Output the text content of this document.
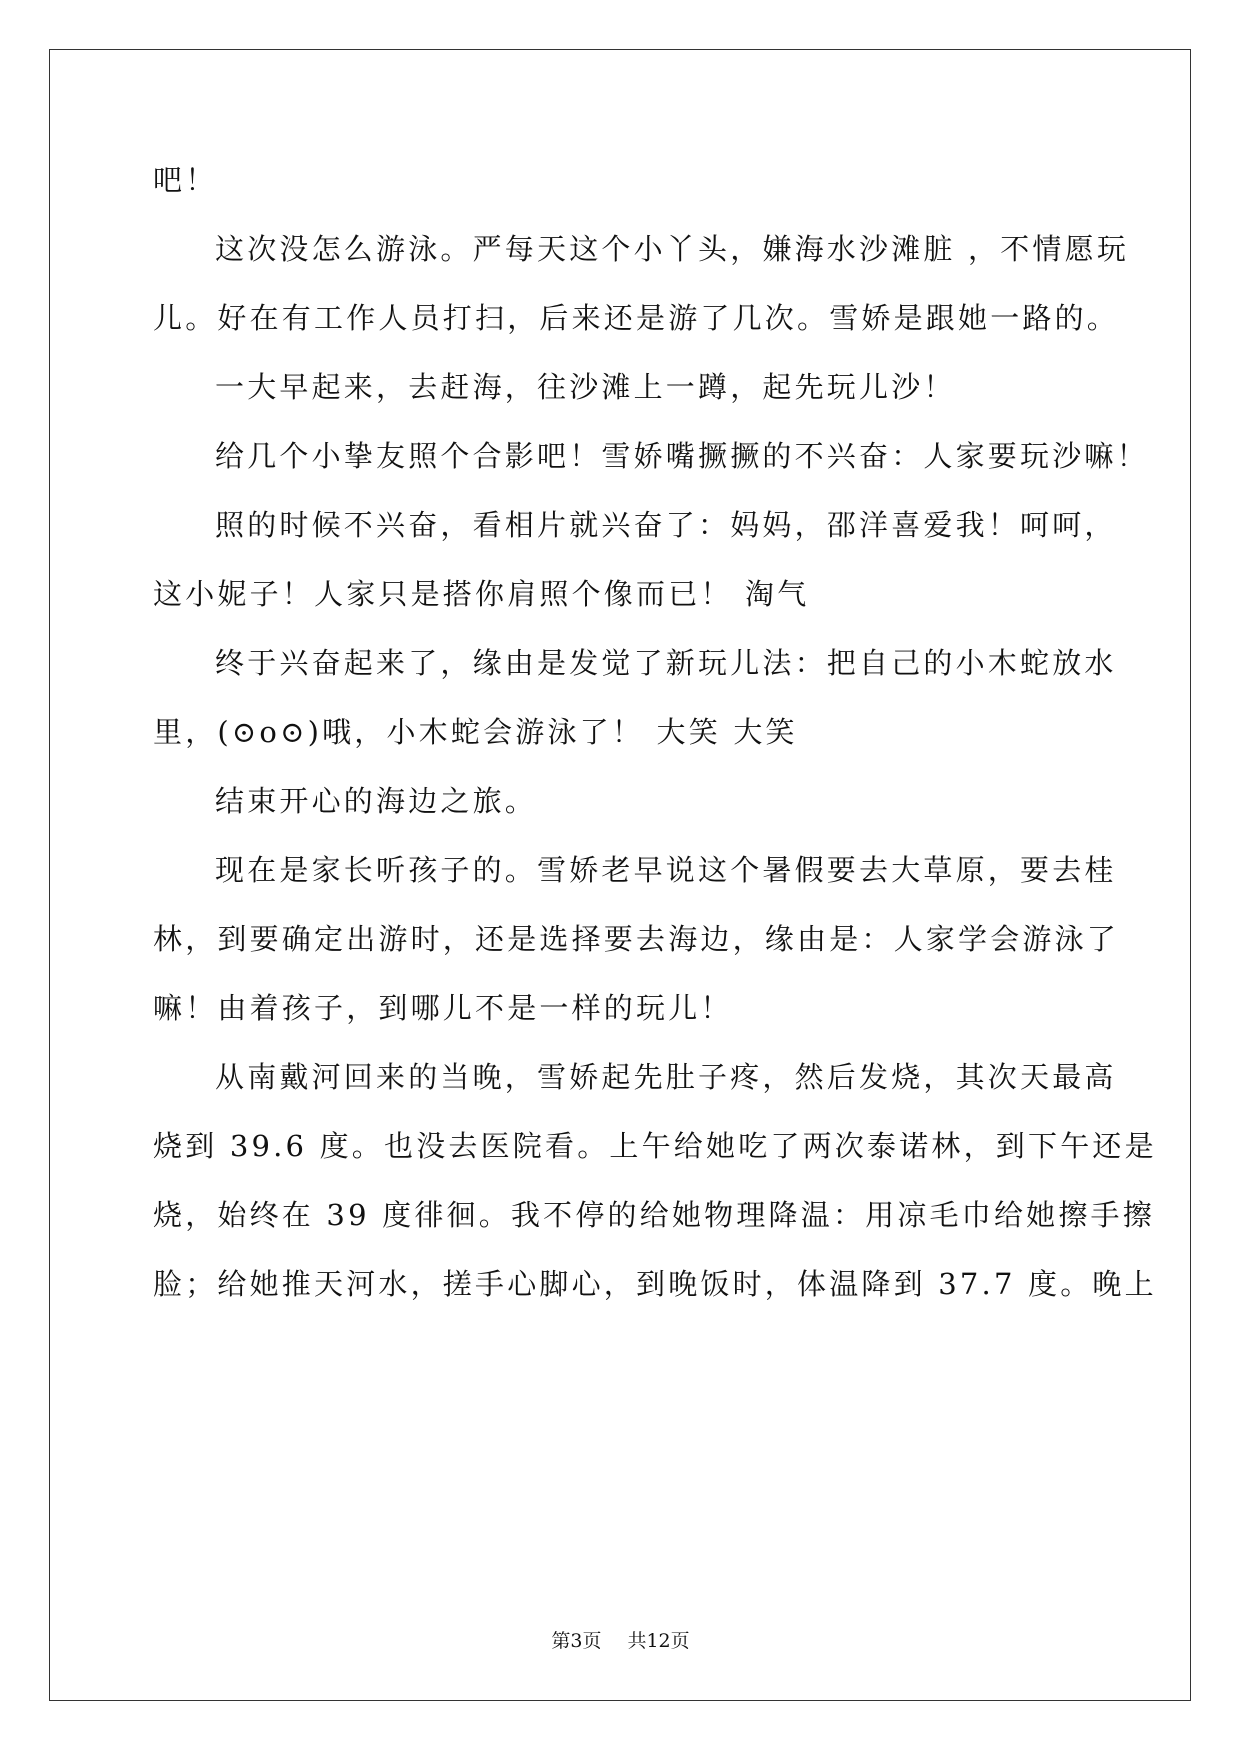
吧！
这次没怎么游泳。严每天这个小丫头，嫌海水沙滩脏 ，不情愿玩
儿。好在有工作人员打扫，后来还是游了几次。雪娇是跟她一路的。
一大早起来，去赶海，往沙滩上一蹲，起先玩儿沙！
给几个小挚友照个合影吧！雪娇嘴撅撅的不兴奋：人家要玩沙嘛！
照的时候不兴奋，看相片就兴奋了：妈妈，邵洋喜爱我！呵呵，
这小妮子！人家只是搭你肩照个像而已！ 淘气
终于兴奋起来了，缘由是发觉了新玩儿法：把自己的小木蛇放水
里，(⊙o⊙)哦，小木蛇会游泳了！ 大笑 大笑
结束开心的海边之旅。
现在是家长听孩子的。雪娇老早说这个暑假要去大草原，要去桂
林，到要确定出游时，还是选择要去海边，缘由是：人家学会游泳了
嘛！由着孩子，到哪儿不是一样的玩儿！
从南戴河回来的当晚，雪娇起先肚子疼，然后发烧，其次天最高
烧到 39.6 度。也没去医院看。上午给她吃了两次泰诺林，到下午还是
烧，始终在 39 度徘徊。我不停的给她物理降温：用凉毛巾给她擦手擦
脸；给她推天河水，搓手心脚心，到晚饭时，体温降到 37.7 度。晚上
第3页 共12页
